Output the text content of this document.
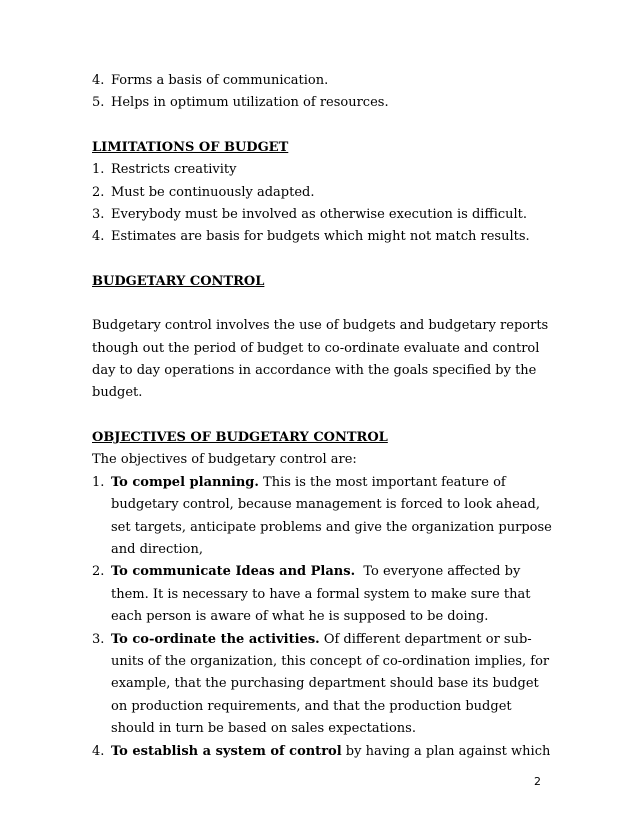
4. Forms a basis of communication.
5. Helps in optimum utilization of resources.
LIMITATIONS OF BUDGET
1. Restricts creativity
2. Must be continuously adapted.
3. Everybody must be involved as otherwise execution is difficult.
4. Estimates are basis for budgets which might not match results.
BUDGETARY CONTROL
Budgetary control involves the use of budgets and budgetary reports though out the period of budget to co-ordinate evaluate and control day to day operations in accordance with the goals specified by the budget.
OBJECTIVES OF BUDGETARY CONTROL
The objectives of budgetary control are:
1. To compel planning. This is the most important feature of budgetary control, because management is forced to look ahead, set targets, anticipate problems and give the organization purpose and direction,
2. To communicate Ideas and Plans.  To everyone affected by them. It is necessary to have a formal system to make sure that each person is aware of what he is supposed to be doing.
3. To co-ordinate the activities. Of different department or sub-units of the organization, this concept of co-ordination implies, for example, that the purchasing department should base its budget on production requirements, and that the production budget should in turn be based on sales expectations.
4. To establish a system of control by having a plan against which
2
